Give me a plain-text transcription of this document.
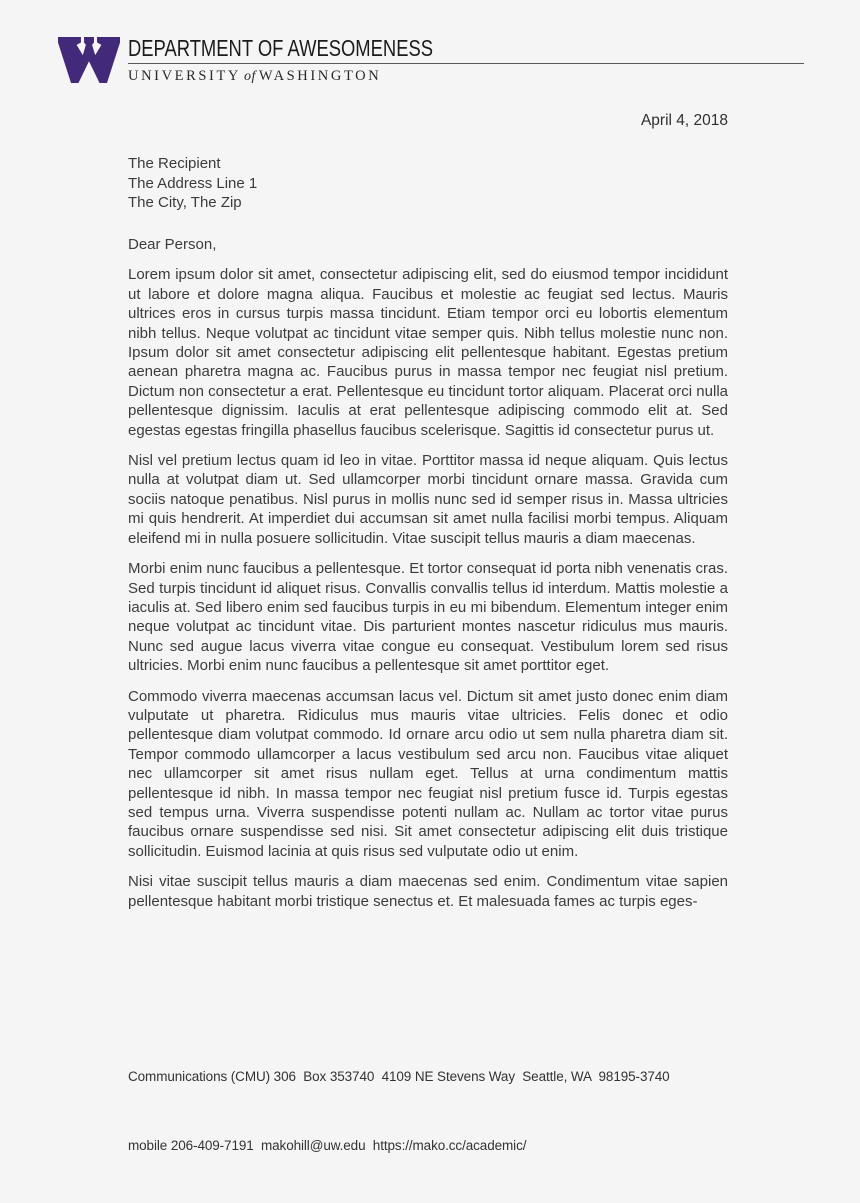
DEPARTMENT OF AWESOMENESS
UNIVERSITY of WASHINGTON
April 4, 2018
The Recipient
The Address Line 1
The City, The Zip

Dear Person,

Lorem ipsum dolor sit amet, consectetur adipiscing elit, sed do eiusmod tempor incididunt ut labore et dolore magna aliqua. Faucibus et molestie ac feugiat sed lectus. Mauris ultrices eros in cursus turpis massa tincidunt. Etiam tempor orci eu lobortis elementum nibh tellus. Neque volutpat ac tincidunt vitae semper quis. Nibh tellus molestie nunc non. Ipsum dolor sit amet consectetur adipiscing elit pellentesque habitant. Egestas pretium aenean pharetra magna ac. Faucibus purus in massa tempor nec feugiat nisl pretium. Dictum non consectetur a erat. Pellentesque eu tincidunt tortor aliquam. Placerat orci nulla pellentesque dignissim. Iaculis at erat pellentesque adipiscing commodo elit at. Sed egestas egestas fringilla phasellus faucibus scelerisque. Sagittis id consectetur purus ut.

Nisl vel pretium lectus quam id leo in vitae. Porttitor massa id neque aliquam. Quis lectus nulla at volutpat diam ut. Sed ullamcorper morbi tincidunt ornare massa. Gravida cum sociis natoque penatibus. Nisl purus in mollis nunc sed id semper risus in. Massa ultricies mi quis hendrerit. At imperdiet dui accumsan sit amet nulla facilisi morbi tempus. Aliquam eleifend mi in nulla posuere sollicitudin. Vitae suscipit tellus mauris a diam maecenas.

Morbi enim nunc faucibus a pellentesque. Et tortor consequat id porta nibh venenatis cras. Sed turpis tincidunt id aliquet risus. Convallis convallis tellus id interdum. Mattis molestie a iaculis at. Sed libero enim sed faucibus turpis in eu mi bibendum. Elementum integer enim neque volutpat ac tincidunt vitae. Dis parturient montes nascetur ridiculus mus mauris. Nunc sed augue lacus viverra vitae congue eu consequat. Vestibulum lorem sed risus ultricies. Morbi enim nunc faucibus a pellentesque sit amet porttitor eget.

Commodo viverra maecenas accumsan lacus vel. Dictum sit amet justo donec enim diam vulputate ut pharetra. Ridiculus mus mauris vitae ultricies. Felis donec et odio pellentesque diam volutpat commodo. Id ornare arcu odio ut sem nulla pharetra diam sit. Tempor commodo ullamcorper a lacus vestibulum sed arcu non. Faucibus vitae aliquet nec ullamcorper sit amet risus nullam eget. Tellus at urna condimentum mattis pellentesque id nibh. In massa tempor nec feugiat nisl pretium fusce id. Turpis egestas sed tempus urna. Viverra suspendisse potenti nullam ac. Nullam ac tortor vitae purus faucibus ornare suspendisse sed nisi. Sit amet consectetur adipiscing elit duis tristique sollicitudin. Euismod lacinia at quis risus sed vulputate odio ut enim.

Nisi vitae suscipit tellus mauris a diam maecenas sed enim. Condimentum vitae sapien pellentesque habitant morbi tristique senectus et. Et malesuada fames ac turpis eges-

Communications (CMU) 306  Box 353740  4109 NE Stevens Way  Seattle, WA  98195-3740

mobile 206-409-7191  makohill@uw.edu  https://mako.cc/academic/
